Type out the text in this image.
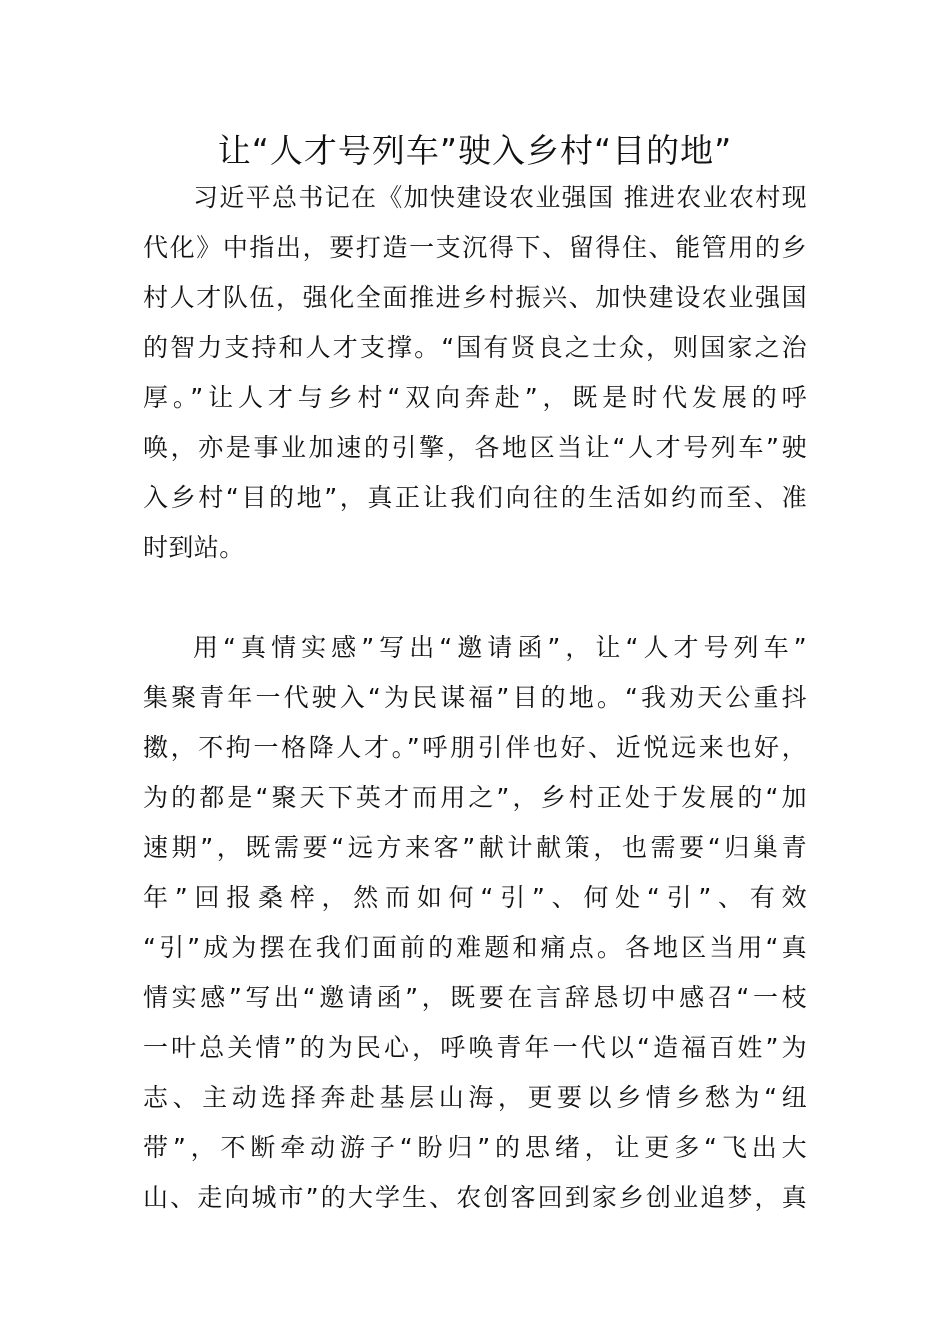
让“人才号列车”驶入乡村“目的地”
习近平总书记在《加快建设农业强国 推进农业农村现
代化》中指出，要打造一支沉得下、留得住、能管用的乡
村人才队伍，强化全面推进乡村振兴、加快建设农业强国
的智力支持和人才支撑。“国有贤良之士众，则国家之治
厚。”让人才与乡村“双向奔赴”，既是时代发展的呼
唤，亦是事业加速的引擎，各地区当让“人才号列车”驶
入乡村“目的地”，真正让我们向往的生活如约而至、准
时到站。
用“真情实感”写出“邀请函”，让“人才号列车”
集聚青年一代驶入“为民谋福”目的地。“我劝天公重抖
擞，不拘一格降人才。”呼朋引伴也好、近悦远来也好，
为的都是“聚天下英才而用之”，乡村正处于发展的“加
速期”，既需要“远方来客”献计献策，也需要“归巢青
年”回报桑梓，然而如何“引”、何处“引”、有效
“引”成为摆在我们面前的难题和痛点。各地区当用“真
情实感”写出“邀请函”，既要在言辞恳切中感召“一枝
一叶总关情”的为民心，呼唤青年一代以“造福百姓”为
志、主动选择奔赴基层山海，更要以乡情乡愁为“纽
带”，不断牵动游子“盼归”的思绪，让更多“飞出大
山、走向城市”的大学生、农创客回到家乡创业追梦，真
